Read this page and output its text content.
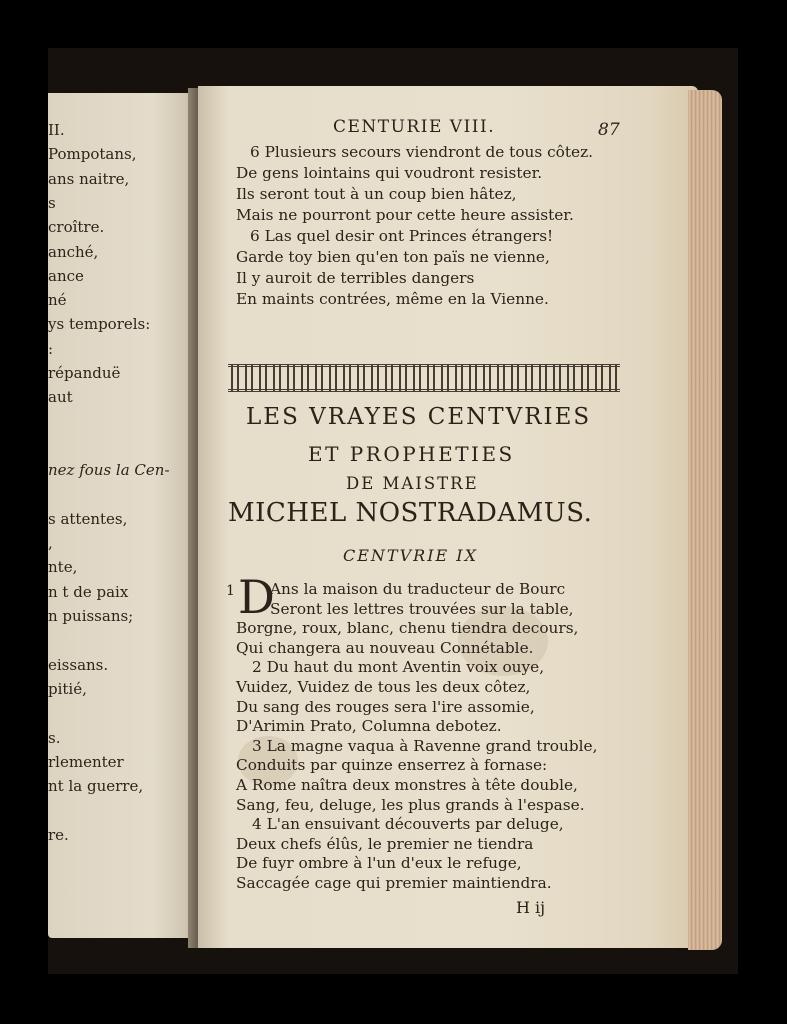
II.
Pompotans,
ans naitre,
s
croître.
anché,
ance
né
ys temporels:
:
répanduë
aut
nez fous la Cen-
s attentes,
,
nte,
n t de paix
n puissans;
eissans.
pitié,
s.
rlementer
nt la guerre,
re.
CENTURIE VIII.	87
6 Plusieurs secours viendront de tous côtez.
De gens lointains qui voudront resister.
Ils seront tout à un coup bien hâtez,
Mais ne pourront pour cette heure assister.
6 Las quel desir ont Princes étrangers!
Garde toy bien qu'en ton païs ne vienne,
Il y auroit de terribles dangers
En maints contrées, même en la Vienne.
LES VRAYES CENTVRIES
ET PROPHETIES
DE MAISTRE
MICHEL NOSTRADAMUS.
CENTVRIE IX
1 D
Ans la maison du traducteur de Bourc
Seront les lettres trouvées sur la table,
Borgne, roux, blanc, chenu tiendra decours,
Qui changera au nouveau Connétable.
2 Du haut du mont Aventin voix ouye,
Vuidez, Vuidez de tous les deux côtez,
Du sang des rouges sera l'ire assomie,
D'Arimin Prato, Columna debotez.
3 La magne vaqua à Ravenne grand trouble,
Conduits par quinze enserrez à fornase:
A Rome naîtra deux monstres à tête double,
Sang, feu, deluge, les plus grands à l'espase.
4 L'an ensuivant découverts par deluge,
Deux chefs élûs, le premier ne tiendra
De fuyr ombre à l'un d'eux le refuge,
Saccagée cage qui premier maintiendra.
H ij
